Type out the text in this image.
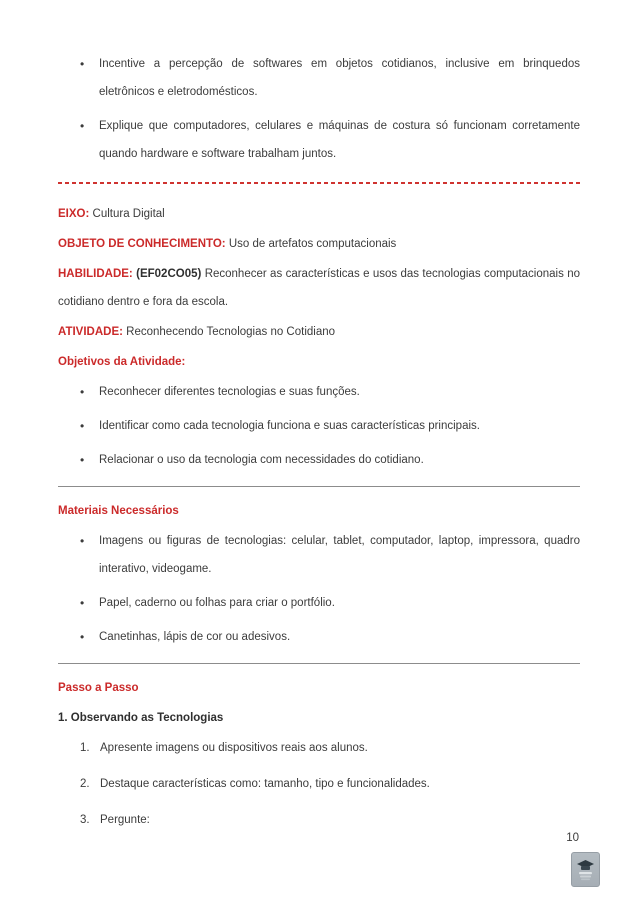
• Incentive a percepção de softwares em objetos cotidianos, inclusive em brinquedos eletrônicos e eletrodomésticos.
• Explique que computadores, celulares e máquinas de costura só funcionam corretamente quando hardware e software trabalham juntos.

EIXO: Cultura Digital

OBJETO DE CONHECIMENTO: Uso de artefatos computacionais

HABILIDADE: (EF02CO05) Reconhecer as características e usos das tecnologias computacionais no cotidiano dentro e fora da escola.

ATIVIDADE: Reconhecendo Tecnologias no Cotidiano

Objetivos da Atividade:

• Reconhecer diferentes tecnologias e suas funções.
• Identificar como cada tecnologia funciona e suas características principais.
• Relacionar o uso da tecnologia com necessidades do cotidiano.

Materiais Necessários

• Imagens ou figuras de tecnologias: celular, tablet, computador, laptop, impressora, quadro interativo, videogame.
• Papel, caderno ou folhas para criar o portfólio.
• Canetinhas, lápis de cor ou adesivos.

Passo a Passo

1. Observando as Tecnologias

1. Apresente imagens ou dispositivos reais aos alunos.
2. Destaque características como: tamanho, tipo e funcionalidades.
3. Pergunte:
10
